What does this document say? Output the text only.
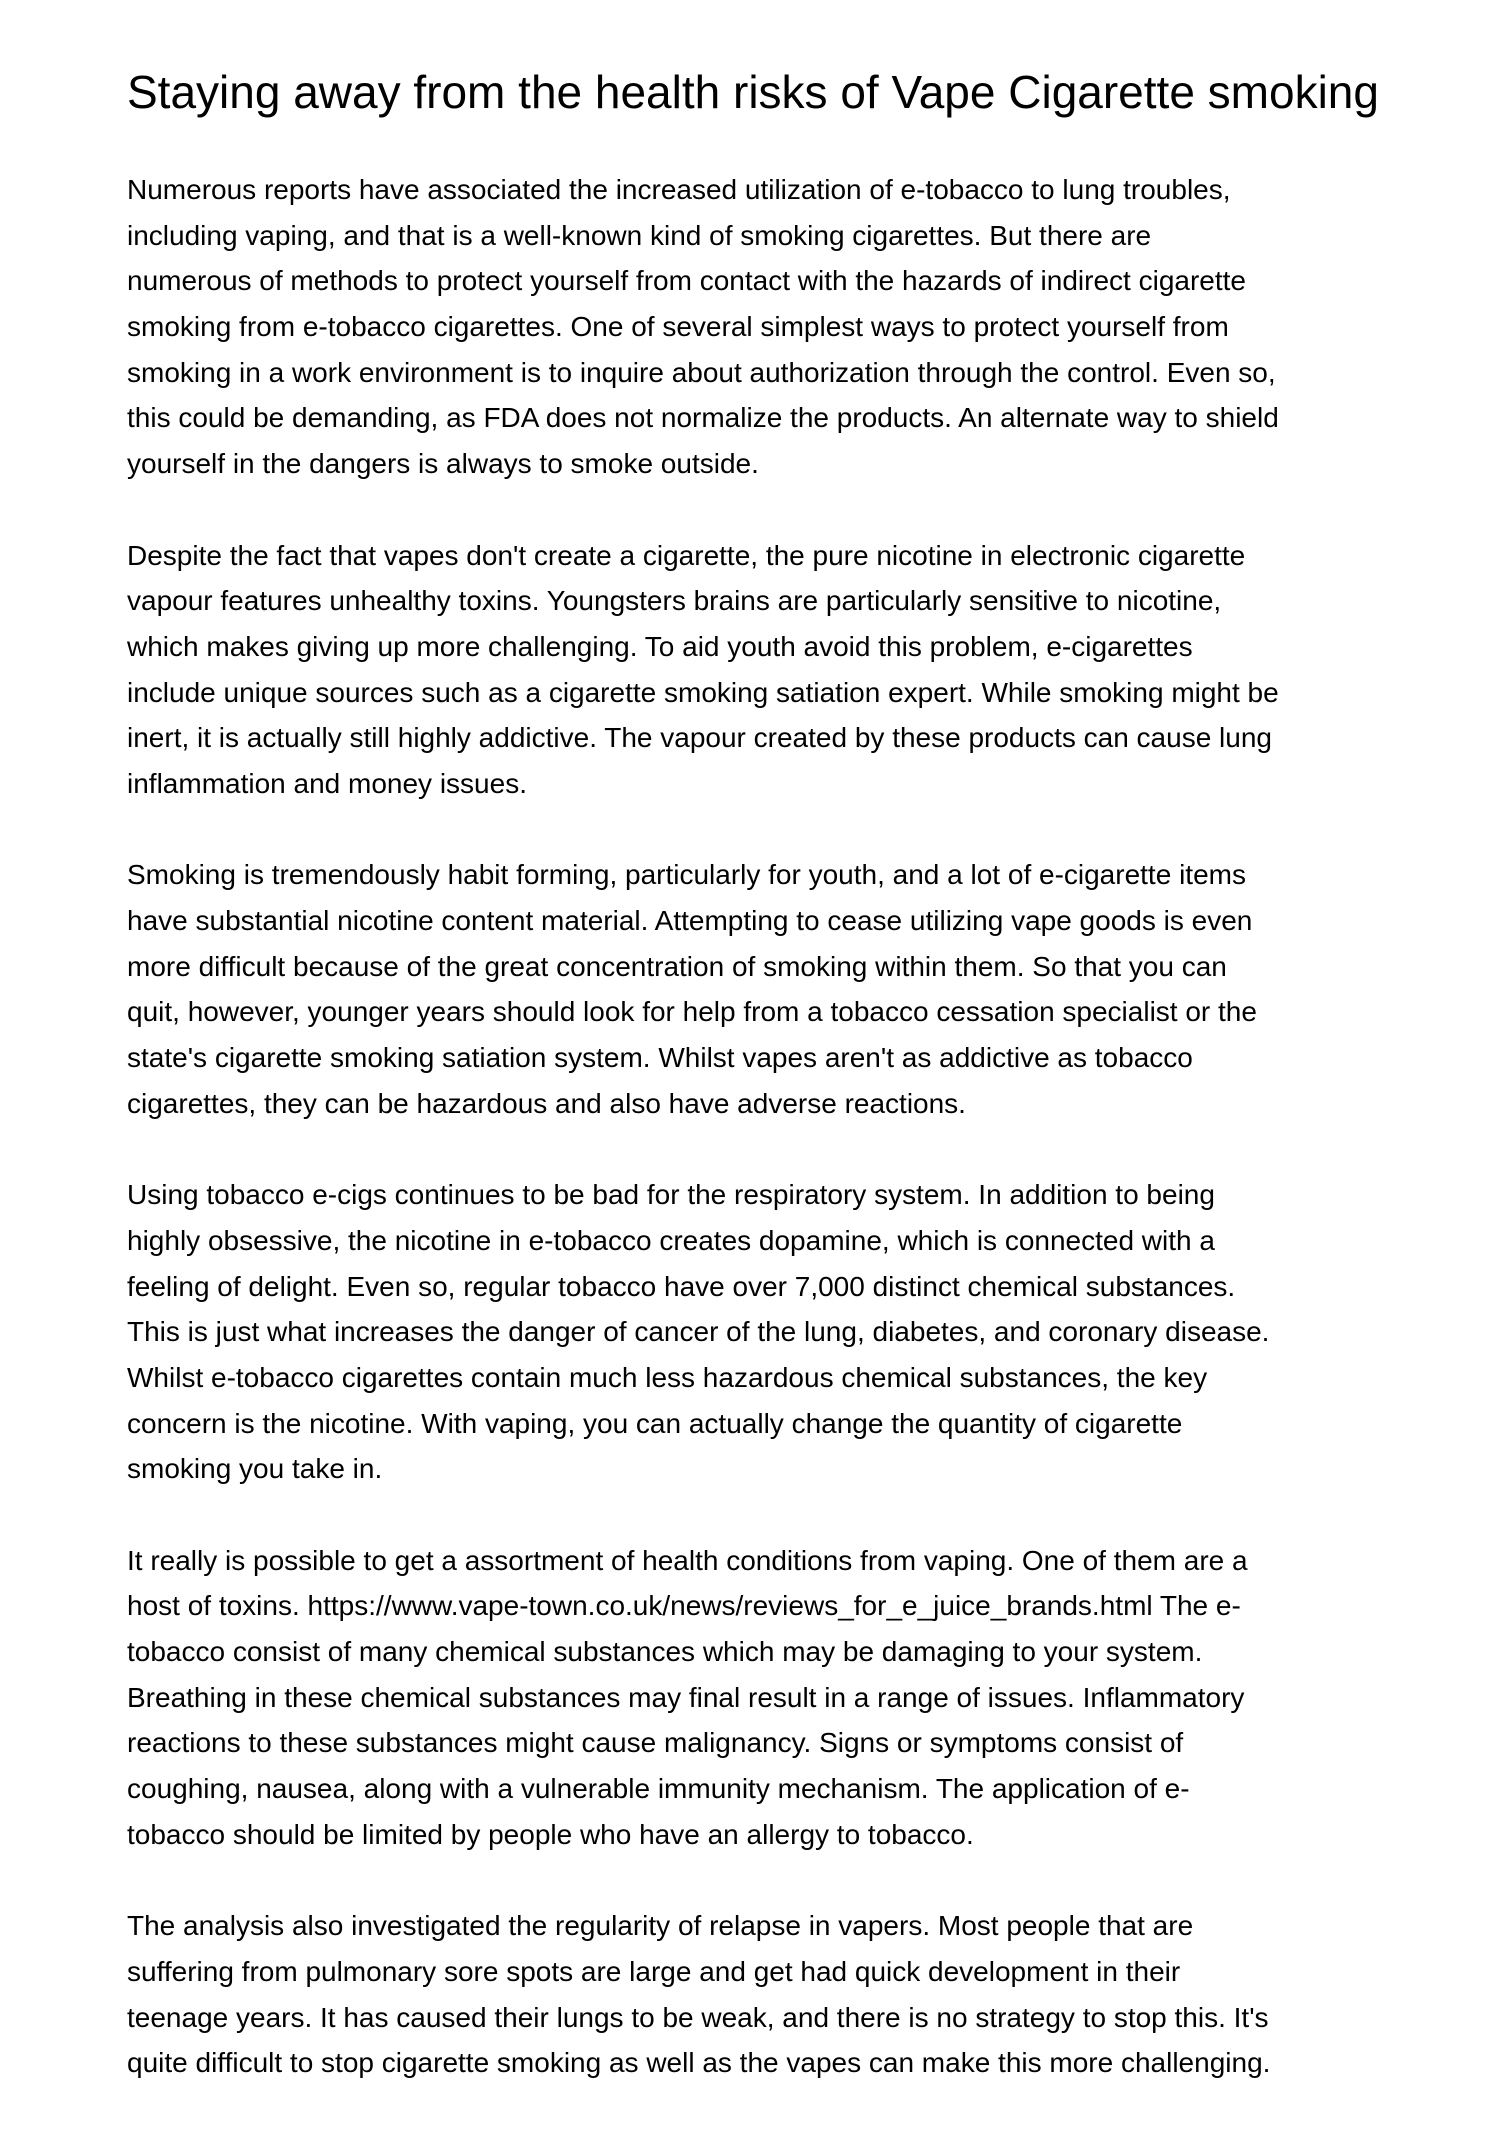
Staying away from the health risks of Vape Cigarette smoking
Numerous reports have associated the increased utilization of e-tobacco to lung troubles,
including vaping, and that is a well-known kind of smoking cigarettes. But there are
numerous of methods to protect yourself from contact with the hazards of indirect cigarette
smoking from e-tobacco cigarettes. One of several simplest ways to protect yourself from
smoking in a work environment is to inquire about authorization through the control. Even so,
this could be demanding, as FDA does not normalize the products. An alternate way to shield
yourself in the dangers is always to smoke outside.
Despite the fact that vapes don't create a cigarette, the pure nicotine in electronic cigarette
vapour features unhealthy toxins. Youngsters brains are particularly sensitive to nicotine,
which makes giving up more challenging. To aid youth avoid this problem, e-cigarettes
include unique sources such as a cigarette smoking satiation expert. While smoking might be
inert, it is actually still highly addictive. The vapour created by these products can cause lung
inflammation and money issues.
Smoking is tremendously habit forming, particularly for youth, and a lot of e-cigarette items
have substantial nicotine content material. Attempting to cease utilizing vape goods is even
more difficult because of the great concentration of smoking within them. So that you can
quit, however, younger years should look for help from a tobacco cessation specialist or the
state's cigarette smoking satiation system. Whilst vapes aren't as addictive as tobacco
cigarettes, they can be hazardous and also have adverse reactions.
Using tobacco e-cigs continues to be bad for the respiratory system. In addition to being
highly obsessive, the nicotine in e-tobacco creates dopamine, which is connected with a
feeling of delight. Even so, regular tobacco have over 7,000 distinct chemical substances.
This is just what increases the danger of cancer of the lung, diabetes, and coronary disease.
Whilst e-tobacco cigarettes contain much less hazardous chemical substances, the key
concern is the nicotine. With vaping, you can actually change the quantity of cigarette
smoking you take in.
It really is possible to get a assortment of health conditions from vaping. One of them are a
host of toxins. https://www.vape-town.co.uk/news/reviews_for_e_juice_brands.html The e-
tobacco consist of many chemical substances which may be damaging to your system.
Breathing in these chemical substances may final result in a range of issues. Inflammatory
reactions to these substances might cause malignancy. Signs or symptoms consist of
coughing, nausea, along with a vulnerable immunity mechanism. The application of e-
tobacco should be limited by people who have an allergy to tobacco.
The analysis also investigated the regularity of relapse in vapers. Most people that are
suffering from pulmonary sore spots are large and get had quick development in their
teenage years. It has caused their lungs to be weak, and there is no strategy to stop this. It's
quite difficult to stop cigarette smoking as well as the vapes can make this more challenging.
